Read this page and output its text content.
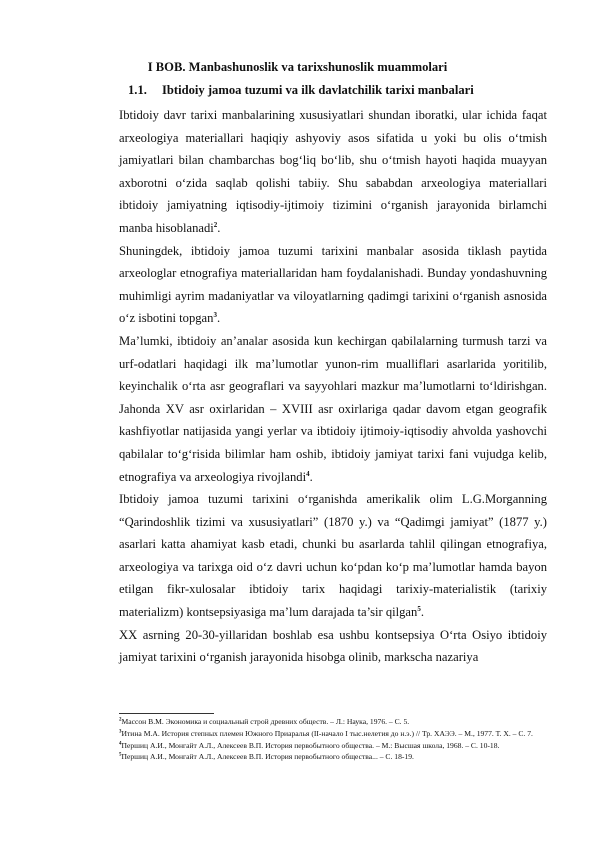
I BOB. Manbashunoslik va tarixshunoslik muammolari
1.1. Ibtidoiy jamoa tuzumi va ilk davlatchilik tarixi manbalari

Ibtidoiy davr tarixi manbalarining xususiyatlari shundan iboratki, ular ichida faqat arxeologiya materiallari haqiqiy ashyoviy asos sifatida u yoki bu olis o‘tmish jamiyatlari bilan chambarchas bog‘liq bo‘lib, shu o‘tmish hayoti haqida muayyan axborotni o‘zida saqlab qolishi tabiiy. Shu sababdan arxeologiya materiallari ibtidoiy jamiyatning iqtisodiy-ijtimoiy tizimini o‘rganish jarayonida birlamchi manba hisoblanadi$^2$.

Shuningdek, ibtidoiy jamoa tuzumi tarixini manbalar asosida tiklash paytida arxeologlar etnografiya materiallaridan ham foydalanishadi. Bunday yondashuvning muhimligi ayrim madaniyatlar va viloyatlarning qadimgi tarixini o‘rganish asnosida o‘z isbotini topgan$^3$.

Ma’lumki, ibtidoiy an’analar asosida kun kechirgan qabilalarning turmush tarzi va urf-odatlari haqidagi ilk ma’lumotlar yunon-rim mualliflari asarlarida yoritilib, keyinchalik o‘rta asr geograflari va sayyohlari mazkur ma’lumotlarni to‘ldirishgan. Jahonda XV asr oxirlaridan – XVIII asr oxirlariga qadar davom etgan geografik kashfiyotlar natijasida yangi yerlar va ibtidoiy ijtimoiy-iqtisodiy ahvolda yashovchi qabilalar to‘g‘risida bilimlar ham oshib, ibtidoiy jamiyat tarixi fani vujudga kelib, etnografiya va arxeologiya rivojlandi$^4$.

Ibtidoiy jamoa tuzumi tarixini o‘rganishda amerikalik olim L.G.Morganning “Qarindoshlik tizimi va xususiyatlari” (1870 y.) va “Qadimgi jamiyat” (1877 y.) asarlari katta ahamiyat kasb etadi, chunki bu asarlarda tahlil qilingan etnografiya, arxeologiya va tarixga oid o‘z davri uchun ko‘pdan ko‘p ma’lumotlar hamda bayon etilgan fikr-xulosalar ibtidoiy tarix haqidagi tarixiy-materialistik (tarixiy materializm) kontsepsiyasiga ma’lum darajada ta’sir qilgan$^5$.

XX asrning 20-30-yillaridan boshlab esa ushbu kontsepsiya O‘rta Osiyo ibtidoiy jamiyat tarixini o‘rganish jarayonida hisobga olinib, markscha nazariya

$^2$Массон В.М. Экономика и социальный строй древних обществ. – Л.: Наука, 1976. – С. 5.
$^3$Итина М.А. История степных племен Южного Приаралья (II-начало I тыс.нелетия до н.э.) // Тр. ХАЭЭ. – М., 1977. Т. Х. – С. 7.
$^4$Першиц А.И., Монгайт А.Л., Алексеев В.П. История первобытного общества. – М.: Высшая школа, 1968. – С. 10-18.
$^5$Першиц А.И., Монгайт А.Л., Алексеев В.П. История первобытного общества... – С. 18-19.
